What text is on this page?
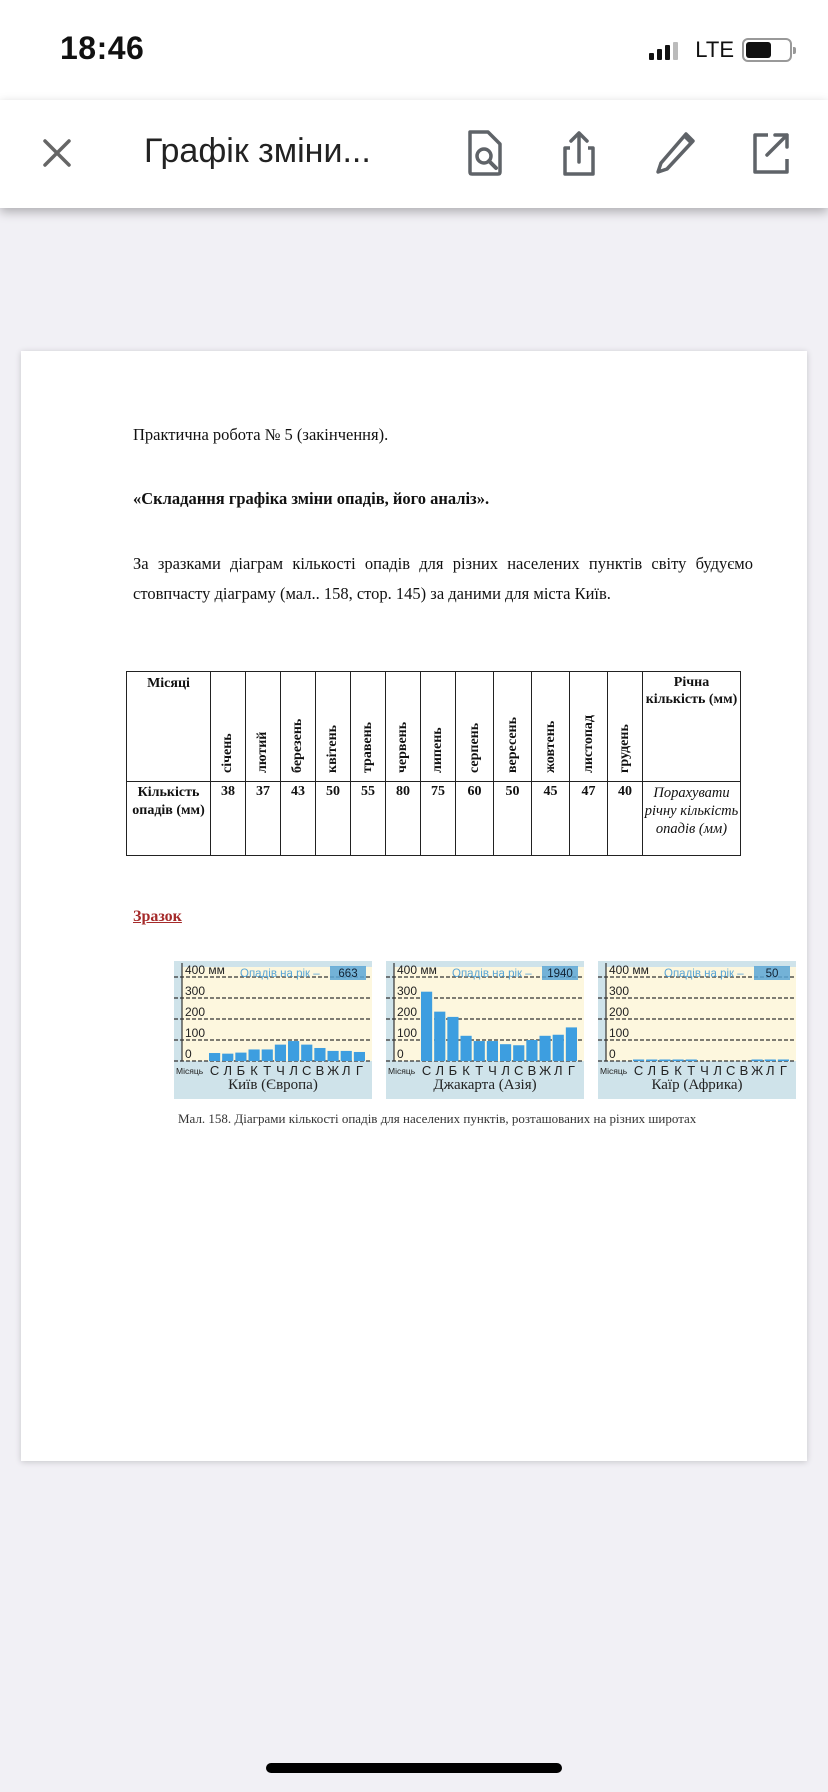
18:46	LTE
Графік зміни...
Практична робота № 5 (закінчення).
«Складання графіка зміни опадів, його аналіз».
За зразками діаграм кількості опадів для різних населених пунктів світу будуємо стовпчасту діаграму (мал.. 158, стор. 145) за даними для міста Київ.
Місяці	січень	лютий	березень	квітень	травень	червень	липень	серпень	вересень	жовтень	листопад	грудень	Річна кількість (мм)
Кількість опадів (мм)	38	37	43	50	55	80	75	60	50	45	47	40	Порахувати річну кількість опадів (мм)
Зразок
400 мм
300
200
100
0
Опадів на рік – 663
Місяць С Л Б К Т Ч Л С В Ж Л Г
Київ (Європа)
400 мм
300
200
100
0
Опадів на рік – 1940
Місяць С Л Б К Т Ч Л С В Ж Л Г
Джакарта (Азія)
400 мм
300
200
100
0
Опадів на рік – 50
Місяць С Л Б К Т Ч Л С В Ж Л Г
Каїр (Африка)
Мал. 158. Діаграми кількості опадів для населених пунктів, розташованих на різних широтах
